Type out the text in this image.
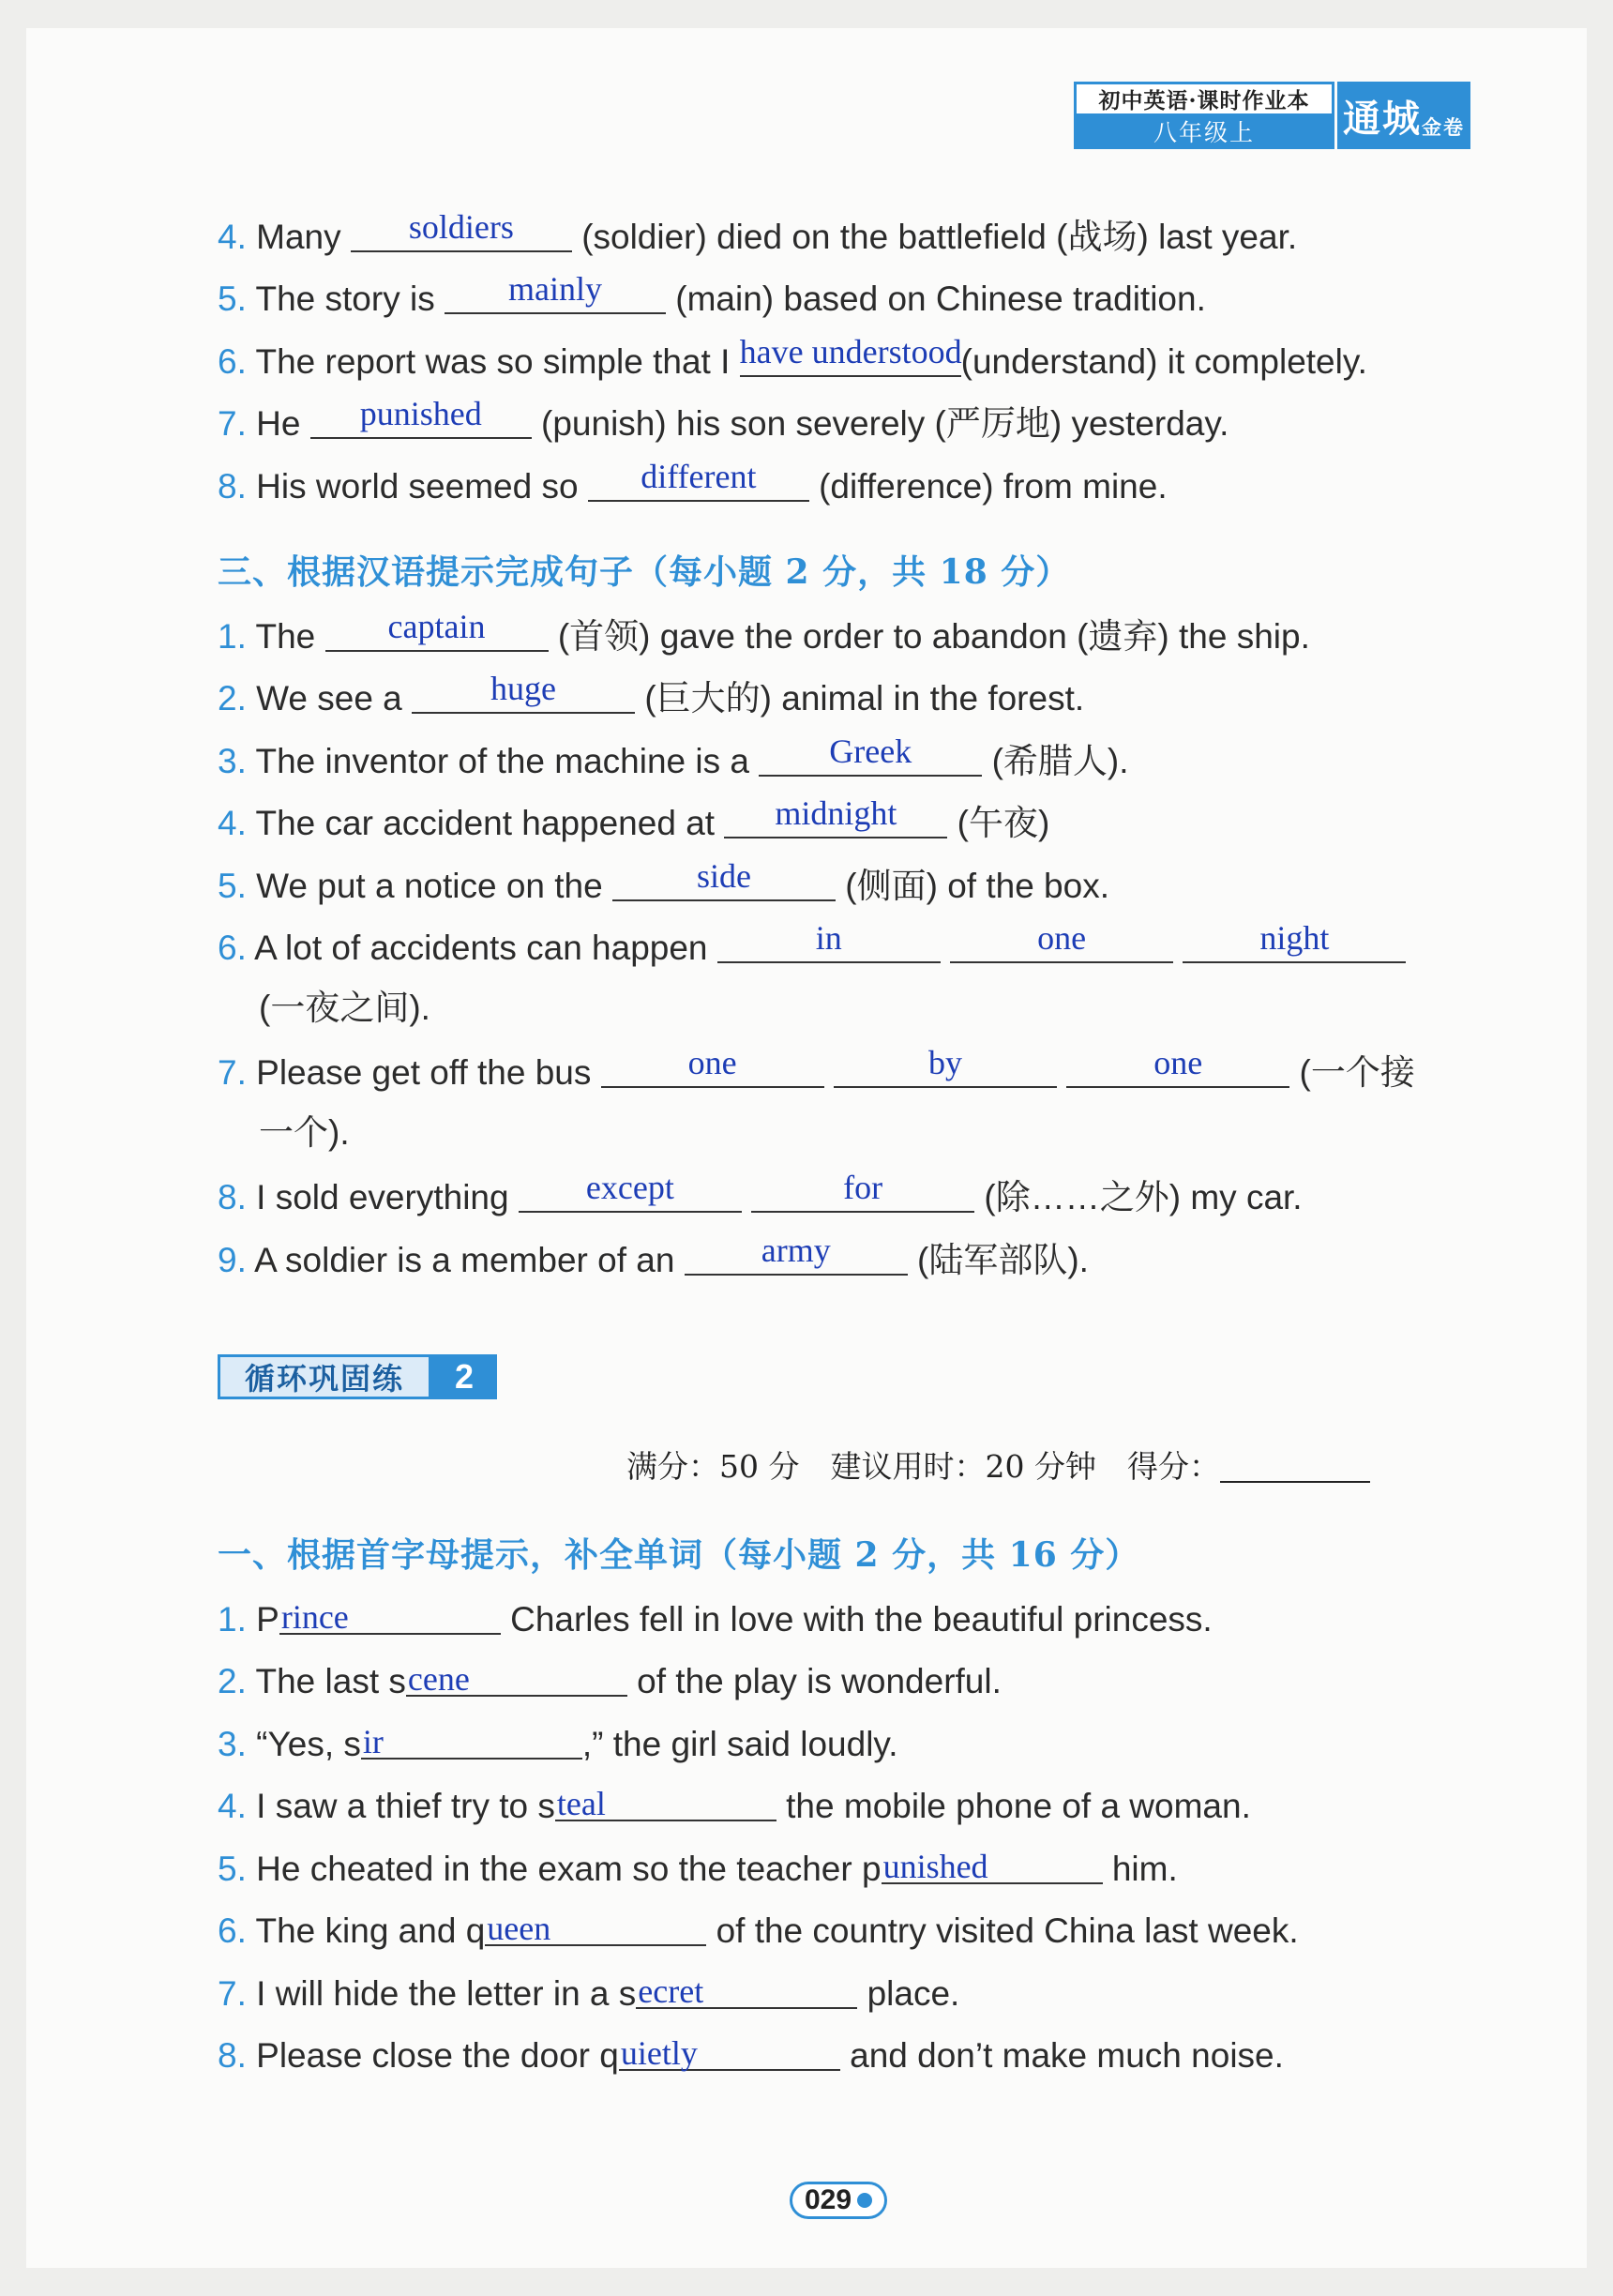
初中英语·课时作业本
八年级上	通城 金卷
4. Many	soldiers	(soldier) died on the battlefield (战场) last year.
5. The story is	mainly	(main) based on Chinese tradition.
6. The report was so simple that I have understood (understand) it completely.
7. He	punished	(punish) his son severely (严厉地) yesterday.
8. His world seemed so	different	(difference) from mine.
三、根据汉语提示完成句子（每小题 2 分，共 18 分）
1. The	captain	(首领) gave the order to abandon (遗弃) the ship.
2. We see a	huge	(巨大的) animal in the forest.
3. The inventor of the machine is a	Greek	(希腊人).
4. The car accident happened at	midnight	(午夜)
5. We put a notice on the	side	(侧面) of the box.
6. A lot of accidents can happen	in
	one
	night
(一夜之间).
7. Please get off the bus	one
	by
	one	(一个接
一个).
8. I sold everything	except
	for	(除……之外) my car.
9. A soldier is a member of an	army	(陆军部队).
循环巩固练	2
满分：50 分　建议用时：20 分钟　得分：
一、根据首字母提示，补全单词（每小题 2 分，共 16 分）
1. P rince	Charles fell in love with the beautiful princess.
2. The last s cene	of the play is wonderful.
3. “Yes, s ir	,” the girl said loudly.
4. I saw a thief try to s teal	the mobile phone of a woman.
5. He cheated in the exam so the teacher p unished	him.
6. The king and q ueen	of the country visited China last week.
7. I will hide the letter in a s ecret	place.
8. Please close the door q uietly	and don’t make much noise.
029
